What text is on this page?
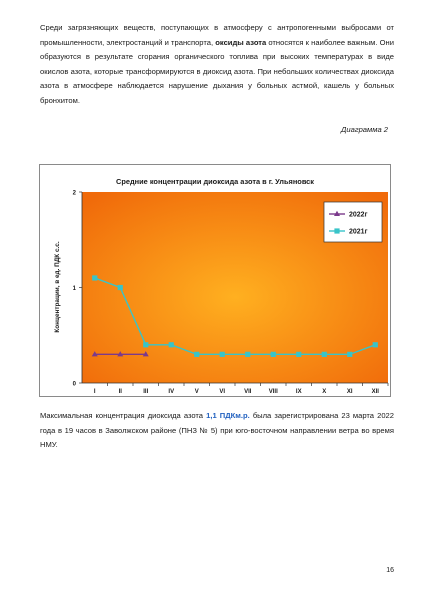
Среди загрязняющих веществ, поступающих в атмосферу с антропогенными выбросами от промышленности, электростанций и транспорта, оксиды азота относятся к наиболее важным. Они образуются в результате сгорания органического топлива при высоких температурах в виде окислов азота, которые трансформируются в диоксид азота. При небольших количествах диоксида азота в атмосфере наблюдается нарушение дыхания у больных астмой, кашель у больных бронхитом.
Диаграмма 2
Средние концентрации диоксида азота в г. Ульяновск
Концентрации, в ед. ПДК с.с.
0
1
2
I	II	III	IV	V	VI	VII	VIII	IX	X	XI	XII
2022г
2021г
Максимальная концентрация диоксида азота 1,1 ПДКм.р. была зарегистрирована 23 марта 2022 года в 19 часов в Заволжском районе (ПНЗ № 5) при юго-восточном направлении ветра во время НМУ.
16
